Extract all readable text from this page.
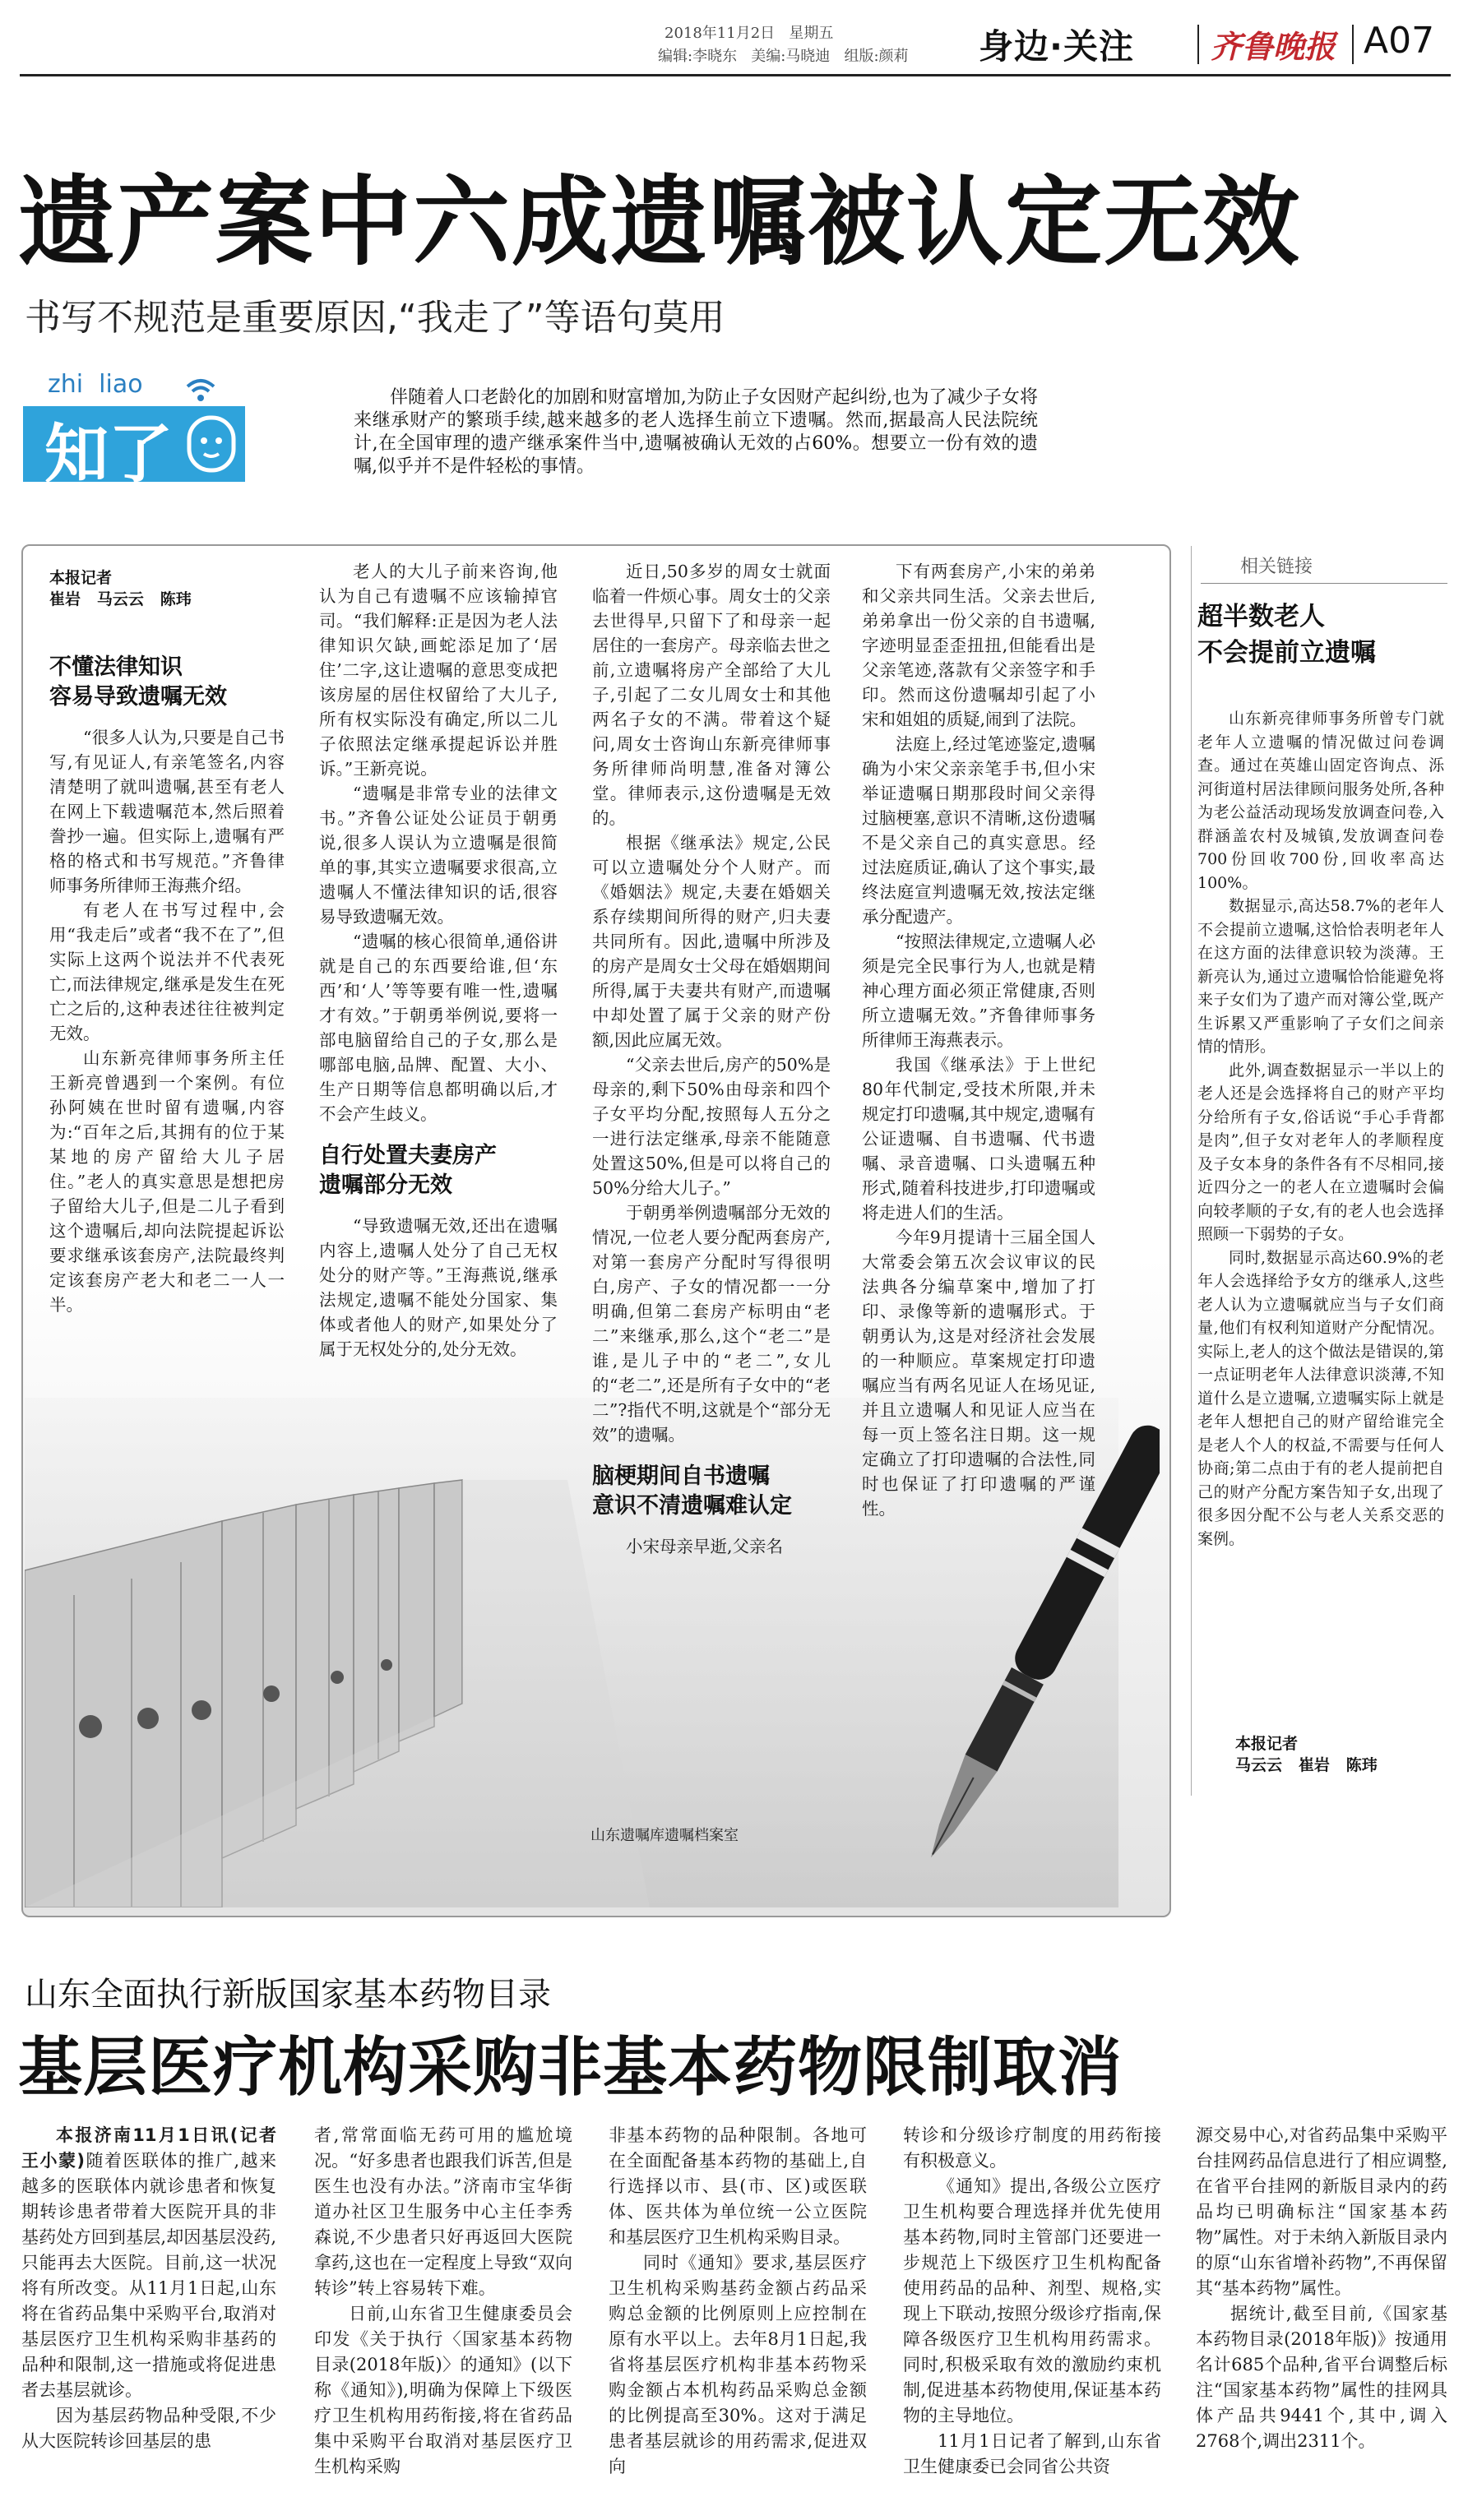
2018年11月2日 星期五
编辑:李晓东   美编:马晓迪   组版:颜莉 身边·关注 齐鲁晚报 A07
遗产案中六成遗嘱被认定无效
书写不规范是重要原因,“我走了”等语句莫用
zhi  liao
知了
伴随着人口老龄化的加剧和财富增加,为防止子女因财产起纠纷,也为了减少子女将来继承财产的繁琐手续,越来越多的老人选择生前立下遗嘱。然而,据最高人民法院统计,在全国审理的遗产继承案件当中,遗嘱被确认无效的占60%。想要立一份有效的遗嘱,似乎并不是件轻松的事情。
本报记者
崔岩   马云云   陈玮
不懂法律知识
容易导致遗嘱无效

“很多人认为,只要是自己书写,有见证人,有亲笔签名,内容清楚明了就叫遗嘱,甚至有老人在网上下载遗嘱范本,然后照着誊抄一遍。但实际上,遗嘱有严格的格式和书写规范。”齐鲁律师事务所律师王海燕介绍。

有老人在书写过程中,会用“我走后”或者“我不在了”,但实际上这两个说法并不代表死亡,而法律规定,继承是发生在死亡之后的,这种表述往往被判定无效。

山东新亮律师事务所主任王新亮曾遇到一个案例。有位孙阿姨在世时留有遗嘱,内容为:“百年之后,其拥有的位于某某地的房产留给大儿子居住。”老人的真实意思是想把房子留给大儿子,但是二儿子看到这个遗嘱后,却向法院提起诉讼要求继承该套房产,法院最终判定该套房产老大和老二一人一半。

老人的大儿子前来咨询,他认为自己有遗嘱不应该输掉官司。“我们解释:正是因为老人法律知识欠缺,画蛇添足加了‘居住’二字,这让遗嘱的意思变成把该房屋的居住权留给了大儿子,所有权实际没有确定,所以二儿子依照法定继承提起诉讼并胜诉。”王新亮说。

“遗嘱是非常专业的法律文书。”齐鲁公证处公证员于朝勇说,很多人误认为立遗嘱是很简单的事,其实立遗嘱要求很高,立遗嘱人不懂法律知识的话,很容易导致遗嘱无效。

“遗嘱的核心很简单,通俗讲就是自己的东西要给谁,但‘东西’和‘人’等等要有唯一性,遗嘱才有效。”于朝勇举例说,要将一部电脑留给自己的子女,那么是哪部电脑,品牌、配置、大小、生产日期等信息都明确以后,才不会产生歧义。

自行处置夫妻房产
遗嘱部分无效

“导致遗嘱无效,还出在遗嘱内容上,遗嘱人处分了自己无权处分的财产等。”王海燕说,继承法规定,遗嘱不能处分国家、集体或者他人的财产,如果处分了属于无权处分的,处分无效。

近日,50多岁的周女士就面临着一件烦心事。周女士的父亲去世得早,只留下了和母亲一起居住的一套房产。母亲临去世之前,立遗嘱将房产全部给了大儿子,引起了二女儿周女士和其他两名子女的不满。带着这个疑问,周女士咨询山东新亮律师事务所律师尚明慧,准备对簿公堂。律师表示,这份遗嘱是无效的。

根据《继承法》规定,公民可以立遗嘱处分个人财产。而《婚姻法》规定,夫妻在婚姻关系存续期间所得的财产,归夫妻共同所有。因此,遗嘱中所涉及的房产是周女士父母在婚姻期间所得,属于夫妻共有财产,而遗嘱中却处置了属于父亲的财产份额,因此应属无效。

“父亲去世后,房产的50%是母亲的,剩下50%由母亲和四个子女平均分配,按照每人五分之一进行法定继承,母亲不能随意处置这50%,但是可以将自己的50%分给大儿子。”

于朝勇举例遗嘱部分无效的情况,一位老人要分配两套房产,对第一套房产分配时写得很明白,房产、子女的情况都一一分明确,但第二套房产标明由“老二”来继承,那么,这个“老二”是谁,是儿子中的“老二”,女儿的“老二”,还是所有子女中的“老二”?指代不明,这就是个“部分无效”的遗嘱。

脑梗期间自书遗嘱
意识不清遗嘱难认定

小宋母亲早逝,父亲名

下有两套房产,小宋的弟弟和父亲共同生活。父亲去世后,弟弟拿出一份父亲的自书遗嘱,字迹明显歪歪扭扭,但能看出是父亲笔迹,落款有父亲签字和手印。然而这份遗嘱却引起了小宋和姐姐的质疑,闹到了法院。

法庭上,经过笔迹鉴定,遗嘱确为小宋父亲亲笔手书,但小宋举证遗嘱日期那段时间父亲得过脑梗塞,意识不清晰,这份遗嘱不是父亲自己的真实意思。经过法庭质证,确认了这个事实,最终法庭宣判遗嘱无效,按法定继承分配遗产。

“按照法律规定,立遗嘱人必须是完全民事行为人,也就是精神心理方面必须正常健康,否则所立遗嘱无效。”齐鲁律师事务所律师王海燕表示。

我国《继承法》于上世纪80年代制定,受技术所限,并未规定打印遗嘱,其中规定,遗嘱有公证遗嘱、自书遗嘱、代书遗嘱、录音遗嘱、口头遗嘱五种形式,随着科技进步,打印遗嘱或将走进人们的生活。

今年9月提请十三届全国人大常委会第五次会议审议的民法典各分编草案中,增加了打印、录像等新的遗嘱形式。于朝勇认为,这是对经济社会发展的一种顺应。草案规定打印遗嘱应当有两名见证人在场见证,并且立遗嘱人和见证人应当在每一页上签名注日期。这一规定确立了打印遗嘱的合法性,同时也保证了打印遗嘱的严谨性。

山东遗嘱库遗嘱档案室
相关链接
超半数老人
不会提前立遗嘱

山东新亮律师事务所曾专门就老年人立遗嘱的情况做过问卷调查。通过在英雄山固定咨询点、泺河街道村居法律顾问服务处所,各种为老公益活动现场发放调查问卷,入群涵盖农村及城镇,发放调查问卷700份回收700份,回收率高达100%。

数据显示,高达58.7%的老年人不会提前立遗嘱,这恰恰表明老年人在这方面的法律意识较为淡薄。王新亮认为,通过立遗嘱恰恰能避免将来子女们为了遗产而对簿公堂,既产生诉累又严重影响了子女们之间亲情的情形。

此外,调查数据显示一半以上的老人还是会选择将自己的财产平均分给所有子女,俗话说“手心手背都是肉”,但子女对老年人的孝顺程度及子女本身的条件各有不尽相同,接近四分之一的老人在立遗嘱时会偏向较孝顺的子女,有的老人也会选择照顾一下弱势的子女。

同时,数据显示高达60.9%的老年人会选择给予女方的继承人,这些老人认为立遗嘱就应当与子女们商量,他们有权利知道财产分配情况。实际上,老人的这个做法是错误的,第一点证明老年人法律意识淡薄,不知道什么是立遗嘱,立遗嘱实际上就是老年人想把自己的财产留给谁完全是老人个人的权益,不需要与任何人协商;第二点由于有的老人提前把自己的财产分配方案告知子女,出现了很多因分配不公与老人关系交恶的案例。

本报记者
马云云   崔岩   陈玮
山东全面执行新版国家基本药物目录
基层医疗机构采购非基本药物限制取消

本报济南11月1日讯(记者 王小蒙)随着医联体的推广,越来越多的医联体内就诊患者和恢复期转诊患者带着大医院开具的非基药处方回到基层,却因基层没药,只能再去大医院。目前,这一状况将有所改变。从11月1日起,山东将在省药品集中采购平台,取消对基层医疗卫生机构采购非基药的品种和限制,这一措施或将促进患者去基层就诊。

因为基层药物品种受限,不少从大医院转诊回基层的患

者,常常面临无药可用的尴尬境况。“好多患者也跟我们诉苦,但是医生也没有办法。”济南市宝华街道办社区卫生服务中心主任李秀森说,不少患者只好再返回大医院拿药,这也在一定程度上导致“双向转诊”转上容易转下难。

日前,山东省卫生健康委员会印发《关于执行〈国家基本药物目录(2018年版)〉的通知》(以下称《通知》),明确为保障上下级医疗卫生机构用药衔接,将在省药品集中采购平台取消对基层医疗卫生机构采购

非基本药物的品种限制。各地可在全面配备基本药物的基础上,自行选择以市、县(市、区)或医联体、医共体为单位统一公立医院和基层医疗卫生机构采购目录。

同时《通知》要求,基层医疗卫生机构采购基药金额占药品采购总金额的比例原则上应控制在原有水平以上。去年8月1日起,我省将基层医疗机构非基本药物采购金额占本机构药品采购总金额的比例提高至30%。这对于满足患者基层就诊的用药需求,促进双向

转诊和分级诊疗制度的用药衔接有积极意义。

《通知》提出,各级公立医疗卫生机构要合理选择并优先使用基本药物,同时主管部门还要进一步规范上下级医疗卫生机构配备使用药品的品种、剂型、规格,实现上下联动,按照分级诊疗指南,保障各级医疗卫生机构用药需求。同时,积极采取有效的激励约束机制,促进基本药物使用,保证基本药物的主导地位。

11月1日记者了解到,山东省卫生健康委已会同省公共资

源交易中心,对省药品集中采购平台挂网药品信息进行了相应调整,在省平台挂网的新版目录内的药品均已明确标注“国家基本药物”属性。对于未纳入新版目录内的原“山东省增补药物”,不再保留其“基本药物”属性。

据统计,截至目前,《国家基本药物目录(2018年版)》按通用名计685个品种,省平台调整后标注“国家基本药物”属性的挂网具体产品共9441个,其中,调入2768个,调出2311个。
